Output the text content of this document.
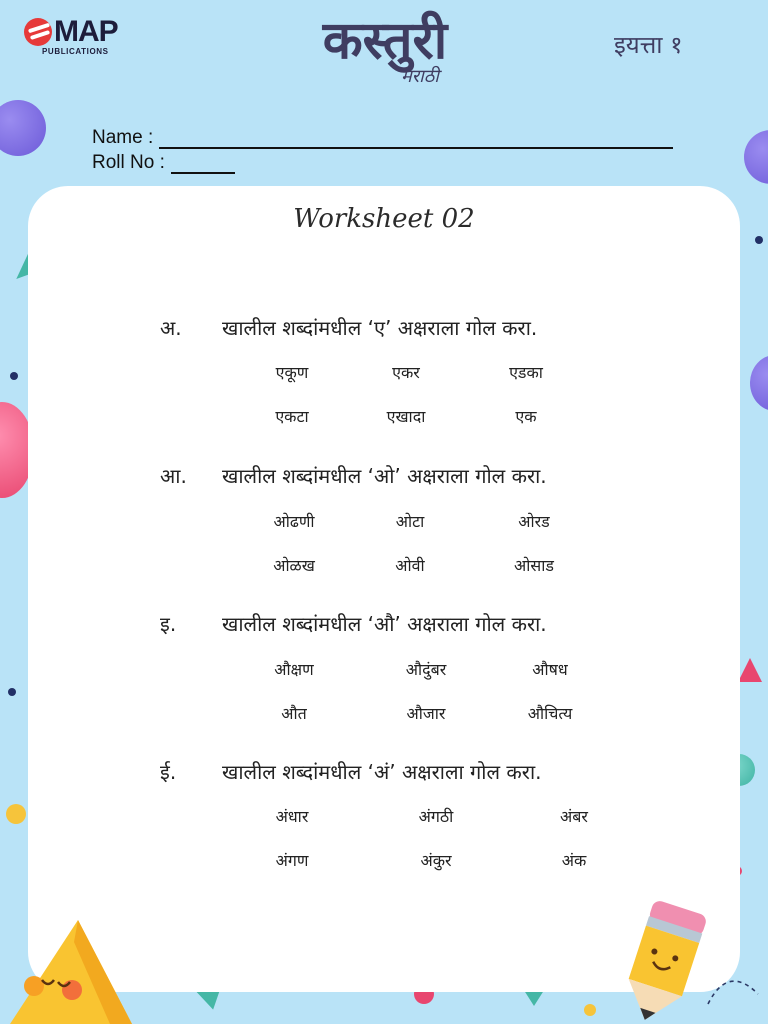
MAP
PUBLICATIONS	कस्तुरी
मराठी
इयत्ता १
Name :
Roll No :
Worksheet 02
अ. खालील शब्दांमधील ‘ए’ अक्षराला गोल करा.
एकूण	एकर	एडका
एकटा	एखादा	एक
आ. खालील शब्दांमधील ‘ओ’ अक्षराला गोल करा.
ओढणी	ओटा	ओरड
ओळख	ओवी	ओसाड
इ. खालील शब्दांमधील ‘औ’ अक्षराला गोल करा.
औक्षण	औदुंबर	औषध
औत	औजार	औचित्य
ई. खालील शब्दांमधील ‘अं’ अक्षराला गोल करा.
अंधार	अंगठी	अंबर
अंगण	अंकुर	अंक
